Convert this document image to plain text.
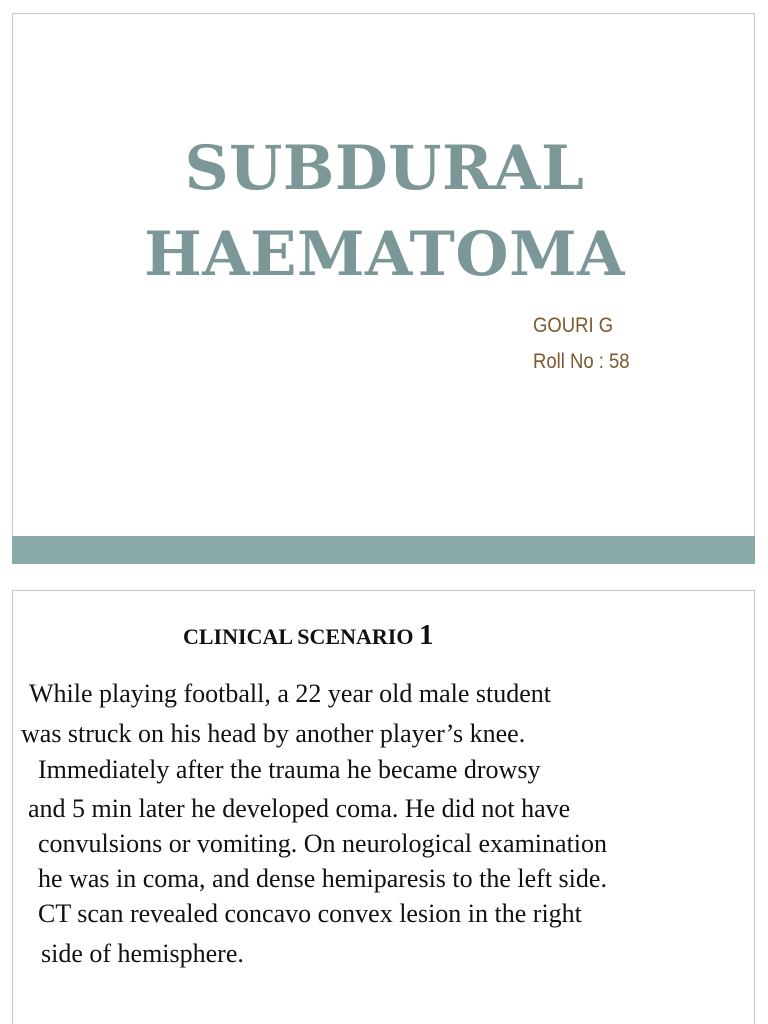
SUBDURAL
HAEMATOMA
GOURI G
Roll No : 58
CLINICAL SCENARIO 1
While playing football, a 22 year old male student
was struck on his head by another player’s knee.
Immediately after the trauma he became drowsy
and 5 min later he developed coma. He did not have
convulsions or vomiting. On neurological examination
he was in coma, and dense hemiparesis to the left side.
CT scan revealed concavo convex lesion in the right
side of hemisphere.
